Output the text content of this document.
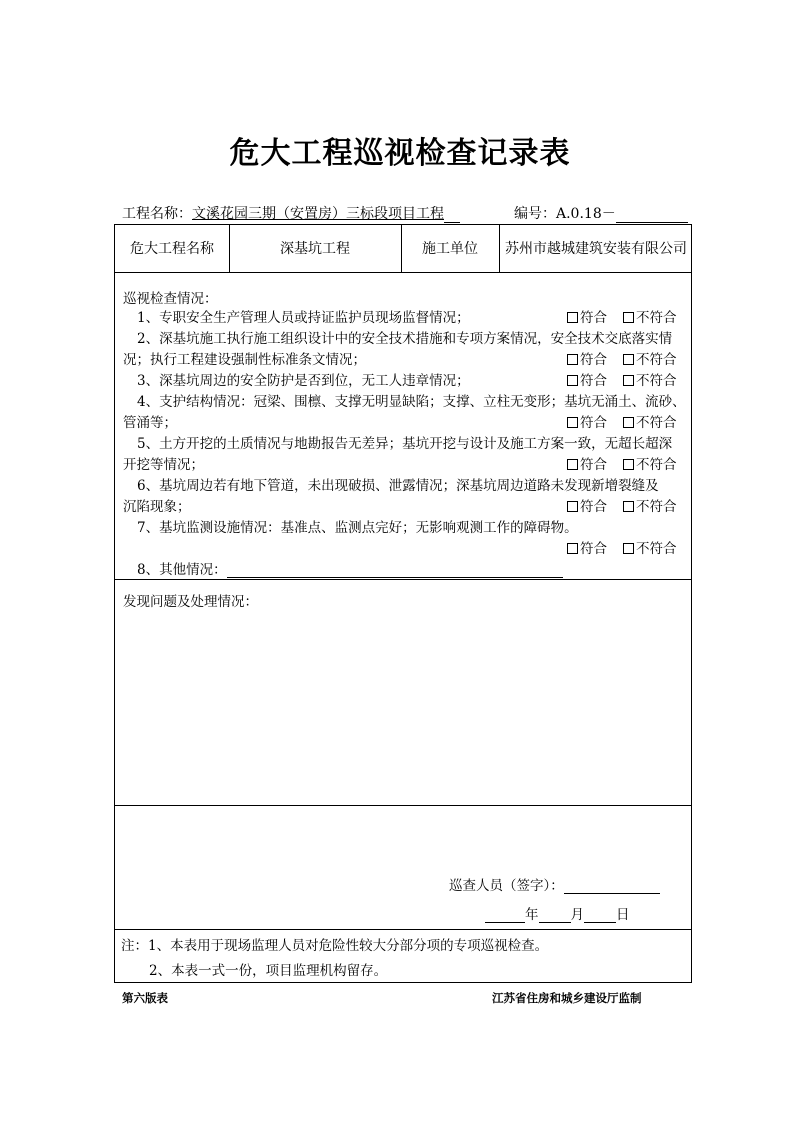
危大工程巡视检查记录表
工程名称：文溪花园三期（安置房）三标段项目工程	编号：A.0.18－
危大工程名称	深基坑工程	施工单位	苏州市越城建筑安装有限公司
巡视检查情况：
1、专职安全生产管理人员或持证监护员现场监督情况；	符合	不符合
2、深基坑施工执行施工组织设计中的安全技术措施和专项方案情况，安全技术交底落实情
况；执行工程建设强制性标准条文情况；	符合	不符合
3、深基坑周边的安全防护是否到位，无工人违章情况；	符合	不符合
4、支护结构情况：冠梁、围檩、支撑无明显缺陷；支撑、立柱无变形；基坑无涌土、流砂、
管涌等；	符合	不符合
5、土方开挖的土质情况与地勘报告无差异；基坑开挖与设计及施工方案一致，无超长超深
开挖等情况；	符合	不符合
6、基坑周边若有地下管道，未出现破损、泄露情况；深基坑周边道路未发现新增裂缝及
沉陷现象；	符合	不符合
7、基坑监测设施情况：基准点、监测点完好；无影响观测工作的障碍物。
符合	不符合
8、其他情况：
发现问题及处理情况：
巡查人员（签字）：
年 月 日
注：1、本表用于现场监理人员对危险性较大分部分项的专项巡视检查。
2、本表一式一份，项目监理机构留存。
第六版表	江苏省住房和城乡建设厅监制
